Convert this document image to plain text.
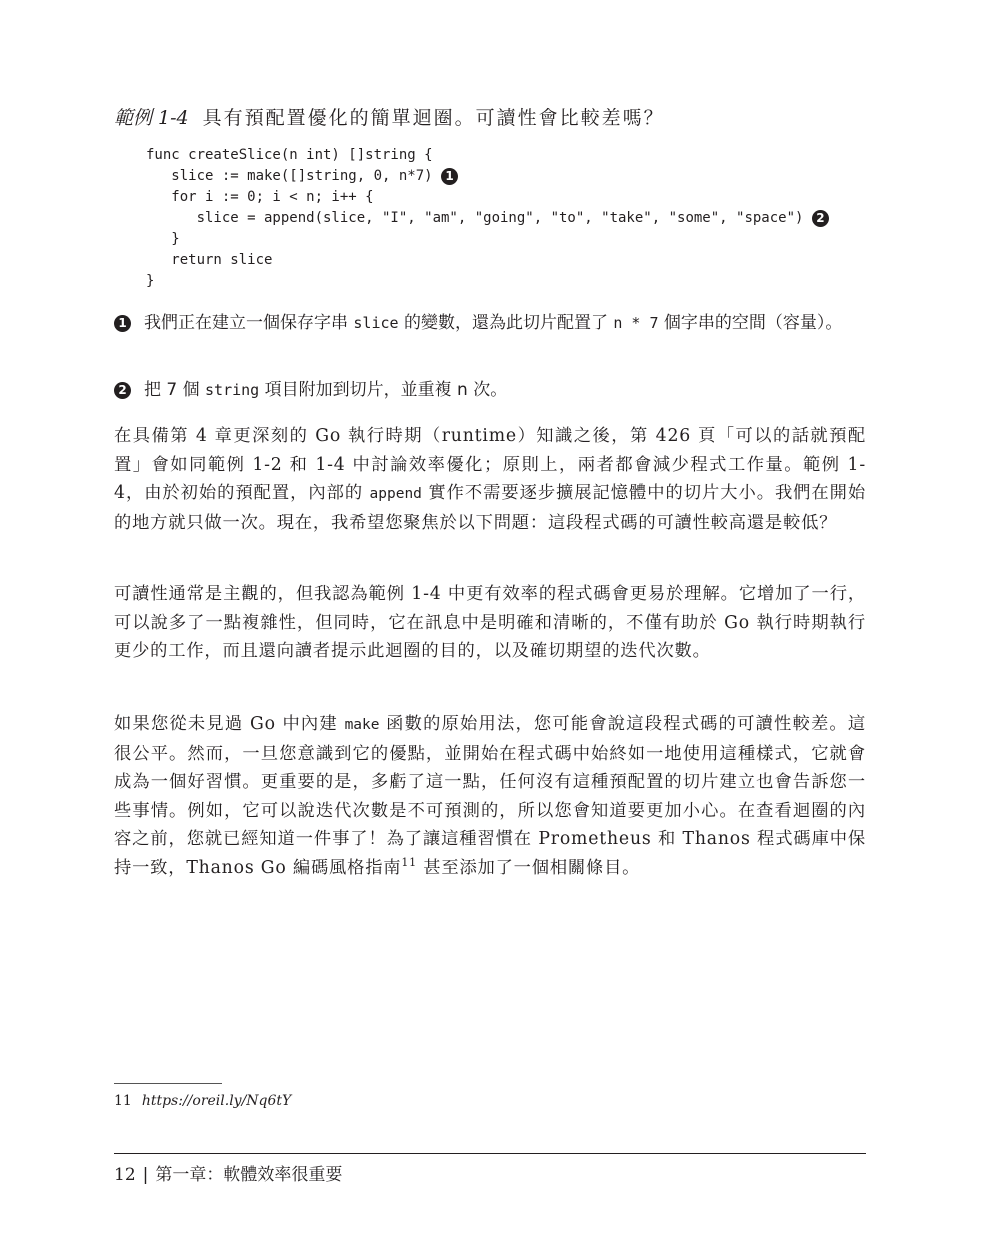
範例 1-4 具有預配置優化的簡單迴圈。可讀性會比較差嗎？
func createSlice(n int) []string {
slice := make([]string, 0, n*7) 1
for i := 0; i < n; i++ {
slice = append(slice, "I", "am", "going", "to", "take", "some", "space") 2
}
return slice
}
1 我們正在建立一個保存字串 slice 的變數，還為此切片配置了 n * 7 個字串的空間（容量）。
2 把 7 個 string 項目附加到切片，並重複 n 次。

在具備第 4 章更深刻的 Go 執行時期（runtime）知識之後，第 426 頁「可以的話就預配置」會如同範例 1-2 和 1-4 中討論效率優化；原則上，兩者都會減少程式工作量。範例 1-4，由於初始的預配置，內部的 append 實作不需要逐步擴展記憶體中的切片大小。我們在開始的地方就只做一次。現在，我希望您聚焦於以下問題：這段程式碼的可讀性較高還是較低？

可讀性通常是主觀的，但我認為範例 1-4 中更有效率的程式碼會更易於理解。它增加了一行，可以說多了一點複雜性，但同時，它在訊息中是明確和清晰的，不僅有助於 Go 執行時期執行更少的工作，而且還向讀者提示此迴圈的目的，以及確切期望的迭代次數。

如果您從未見過 Go 中內建 make 函數的原始用法，您可能會說這段程式碼的可讀性較差。這很公平。然而，一旦您意識到它的優點，並開始在程式碼中始終如一地使用這種樣式，它就會成為一個好習慣。更重要的是，多虧了這一點，任何沒有這種預配置的切片建立也會告訴您一些事情。例如，它可以說迭代次數是不可預測的，所以您會知道要更加小心。在查看迴圈的內容之前，您就已經知道一件事了！為了讓這種習慣在 Prometheus 和 Thanos 程式碼庫中保持一致，Thanos Go 編碼風格指南$^{11}$ 甚至添加了一個相關條目。

11 https://oreil.ly/Nq6tY
12 | 第一章：軟體效率很重要
